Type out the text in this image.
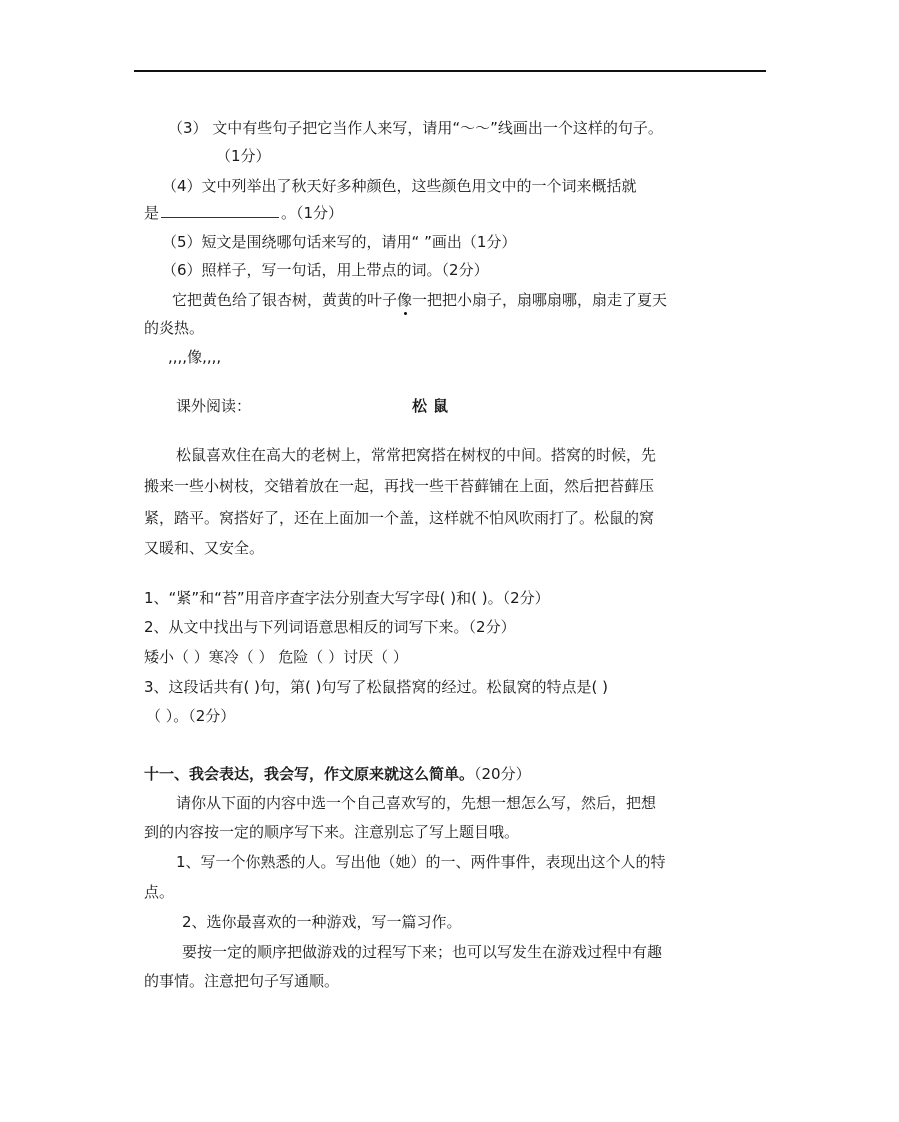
（3） 文中有些句子把它当作人来写，请用“～～”线画出一个这样的句子。
（1分）
（4）文中列举出了秋天好多种颜色，这些颜色用文中的一个词来概括就
是	。（1分）
（5）短文是围绕哪句话来写的，请用“ ”画出（1分）
（6）照样子，写一句话，用上带点的词。（2分）
它把黄色给了银杏树，黄黄的叶子像一把把小扇子，扇哪扇哪，扇走了夏天
的炎热。
,,,,像,,,,
课外阅读：	松鼠
松鼠喜欢住在高大的老树上，常常把窝搭在树杈的中间。搭窝的时候，先
搬来一些小树枝，交错着放在一起，再找一些干苔藓铺在上面，然后把苔藓压
紧，踏平。窝搭好了，还在上面加一个盖，这样就不怕风吹雨打了。松鼠的窝
又暖和、又安全。
1、“紧”和“苔”用音序查字法分别查大写字母( )和( )。（2分）
2、从文中找出与下列词语意思相反的词写下来。（2分）
矮小（ ）寒冷（ ） 危险（ ）讨厌（ ）
3、这段话共有( )句，第( )句写了松鼠搭窝的经过。松鼠窝的特点是( )
（ ）。（2分）
十一、我会表达，我会写，作文原来就这么简单。（20分）
请你从下面的内容中选一个自己喜欢写的，先想一想怎么写，然后，把想
到的内容按一定的顺序写下来。注意别忘了写上题目哦。
1、写一个你熟悉的人。写出他（她）的一、两件事件，表现出这个人的特
点。
2、选你最喜欢的一种游戏，写一篇习作。
要按一定的顺序把做游戏的过程写下来；也可以写发生在游戏过程中有趣
的事情。注意把句子写通顺。
